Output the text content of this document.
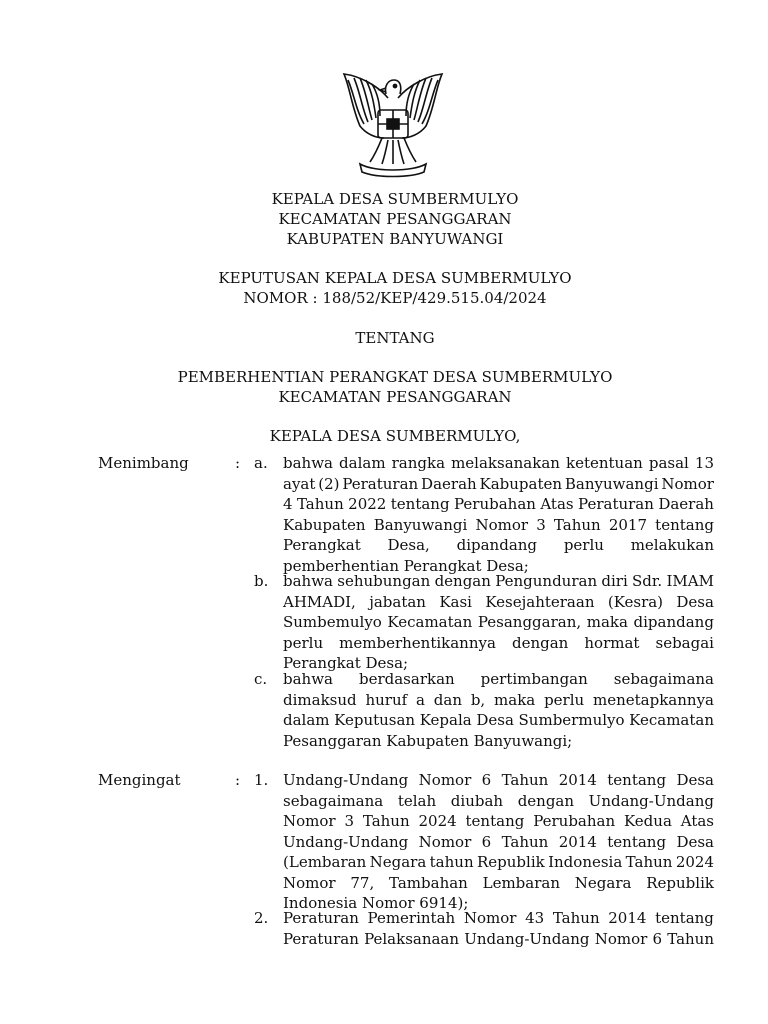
KEPALA DESA SUMBERMULYO
KECAMATAN PESANGGARAN
KABUPATEN BANYUWANGI
KEPUTUSAN KEPALA DESA SUMBERMULYO
NOMOR : 188/52/KEP/429.515.04/2024
TENTANG
PEMBERHENTIAN PERANGKAT DESA SUMBERMULYO
KECAMATAN PESANGGARAN
KEPALA DESA SUMBERMULYO,
Menimbang	: a. bahwa dalam rangka melaksanakan ketentuan pasal 13
ayat (2) Peraturan Daerah Kabupaten Banyuwangi Nomor
4 Tahun 2022 tentang Perubahan Atas Peraturan Daerah
Kabupaten Banyuwangi Nomor 3 Tahun 2017 tentang
Perangkat Desa, dipandang perlu melakukan
pemberhentian Perangkat Desa;
b. bahwa sehubungan dengan Pengunduran diri Sdr. IMAM
AHMADI, jabatan Kasi Kesejahteraan (Kesra) Desa
Sumbemulyo Kecamatan Pesanggaran, maka dipandang
perlu memberhentikannya dengan hormat sebagai
Perangkat Desa;
c. bahwa berdasarkan pertimbangan sebagaimana
dimaksud huruf a dan b, maka perlu menetapkannya
dalam Keputusan Kepala Desa Sumbermulyo Kecamatan
Pesanggaran Kabupaten Banyuwangi;
Mengingat	: 1. Undang-Undang Nomor 6 Tahun 2014 tentang Desa
sebagaimana telah diubah dengan Undang-Undang
Nomor 3 Tahun 2024 tentang Perubahan Kedua Atas
Undang-Undang Nomor 6 Tahun 2014 tentang Desa
(Lembaran Negara tahun Republik Indonesia Tahun 2024
Nomor 77, Tambahan Lembaran Negara Republik
Indonesia Nomor 6914);
2. Peraturan Pemerintah Nomor 43 Tahun 2014 tentang
Peraturan Pelaksanaan Undang-Undang Nomor 6 Tahun
